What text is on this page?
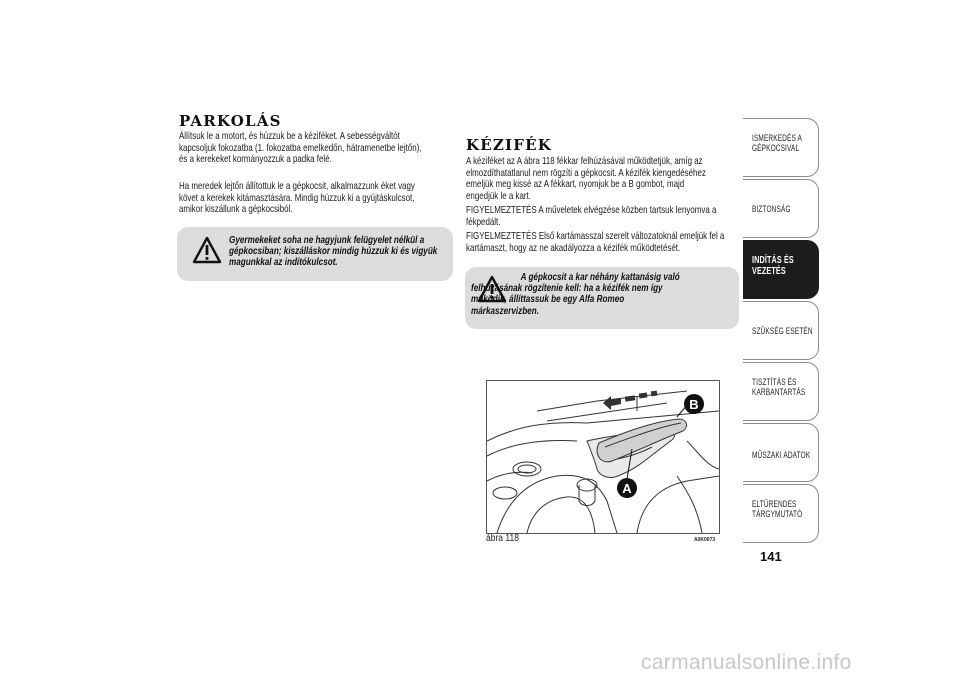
PARKOLÁS
Állítsuk le a motort, és húzzuk be a kéziféket. A sebességváltót
kapcsoljuk fokozatba (1. fokozatba emelkedőn, hátramenetbe lejtőn),
és a kerekeket kormányozzuk a padka felé.
Ha meredek lejtőn állítottuk le a gépkocsit, alkalmazzunk éket vagy
követ a kerekek kitámasztására. Mindig húzzuk ki a gyújtáskulcsot,
amikor kiszállunk a gépkocsiból.
Gyermekeket soha ne hagyjunk felügyelet nélkül a
gépkocsiban; kiszálláskor mindig húzzuk ki és vigyük
magunkkal az indítókulcsot.
KÉZIFÉK
A kéziféket az A ábra 118 fékkar felhúzásával működtetjük, amíg az
elmozdíthatatlanul nem rögzíti a gépkocsit. A kézifék kiengedéséhez
emeljük meg kissé az A fékkart, nyomjuk be a B gombot, majd
engedjük le a kart.
FIGYELMEZTETÉS A műveletek elvégzése közben tartsuk lenyomva a
fékpedált.
FIGYELMEZTETÉS Első kartámasszal szerelt változatoknál emeljük fel a
kartámaszt, hogy az ne akadályozza a kézifék működtetését.
A gépkocsit a kar néhány kattanásig való
felhúzásának rögzítenie kell: ha a kézifék nem így
működik, állíttassuk be egy Alfa Romeo
márkaszervizben.
B
A
ábra 118	A0K0073
ISMERKEDÉS A
GÉPKOCSIVAL
BIZTONSÁG
INDÍTÁS ÉS
VEZETÉS
SZÜKSÉG ESETÉN
TISZTÍTÁS ÉS
KARBANTARTÁS
MŰSZAKI ADATOK
ELTÜRENDES
TÁRGYMUTATÓ
141
carmanualsonline.info
